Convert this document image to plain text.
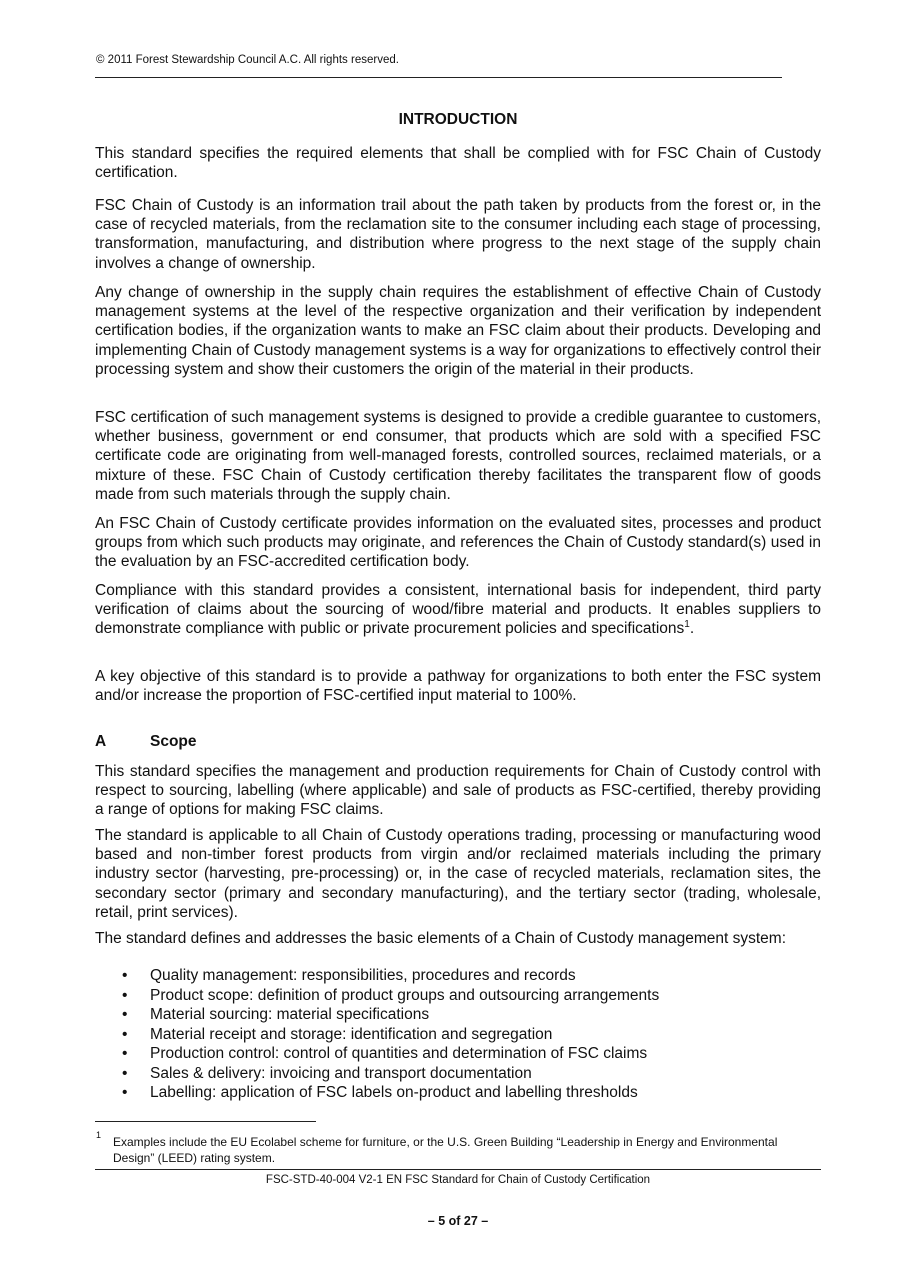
© 2011 Forest Stewardship Council A.C. All rights reserved.
INTRODUCTION

This standard specifies the required elements that shall be complied with for FSC Chain of Custody certification.

FSC Chain of Custody is an information trail about the path taken by products from the forest or, in the case of recycled materials, from the reclamation site to the consumer including each stage of processing, transformation, manufacturing, and distribution where progress to the next stage of the supply chain involves a change of ownership.

Any change of ownership in the supply chain requires the establishment of effective Chain of Custody management systems at the level of the respective organization and their verification by independent certification bodies, if the organization wants to make an FSC claim about their products. Developing and implementing Chain of Custody management systems is a way for organizations to effectively control their processing system and show their customers the origin of the material in their products.

FSC certification of such management systems is designed to provide a credible guarantee to customers, whether business, government or end consumer, that products which are sold with a specified FSC certificate code are originating from well-managed forests, controlled sources, reclaimed materials, or a mixture of these. FSC Chain of Custody certification thereby facilitates the transparent flow of goods made from such materials through the supply chain.

An FSC Chain of Custody certificate provides information on the evaluated sites, processes and product groups from which such products may originate, and references the Chain of Custody standard(s) used in the evaluation by an FSC-accredited certification body.

Compliance with this standard provides a consistent, international basis for independent, third party verification of claims about the sourcing of wood/fibre material and products. It enables suppliers to demonstrate compliance with public or private procurement policies and specifications$^1$.

A key objective of this standard is to provide a pathway for organizations to both enter the FSC system and/or increase the proportion of FSC-certified input material to 100%.

A	Scope

This standard specifies the management and production requirements for Chain of Custody control with respect to sourcing, labelling (where applicable) and sale of products as FSC-certified, thereby providing a range of options for making FSC claims.

The standard is applicable to all Chain of Custody operations trading, processing or manufacturing wood based and non-timber forest products from virgin and/or reclaimed materials including the primary industry sector (harvesting, pre-processing) or, in the case of recycled materials, reclamation sites, the secondary sector (primary and secondary manufacturing), and the tertiary sector (trading, wholesale, retail, print services).

The standard defines and addresses the basic elements of a Chain of Custody management system:

• Quality management: responsibilities, procedures and records
• Product scope: definition of product groups and outsourcing arrangements
• Material sourcing: material specifications
• Material receipt and storage: identification and segregation
• Production control: control of quantities and determination of FSC claims
• Sales & delivery: invoicing and transport documentation
• Labelling: application of FSC labels on-product and labelling thresholds
1 Examples include the EU Ecolabel scheme for furniture, or the U.S. Green Building “Leadership in Energy and Environmental Design” (LEED) rating system.
FSC-STD-40-004 V2-1 EN FSC Standard for Chain of Custody Certification
– 5 of 27 –
